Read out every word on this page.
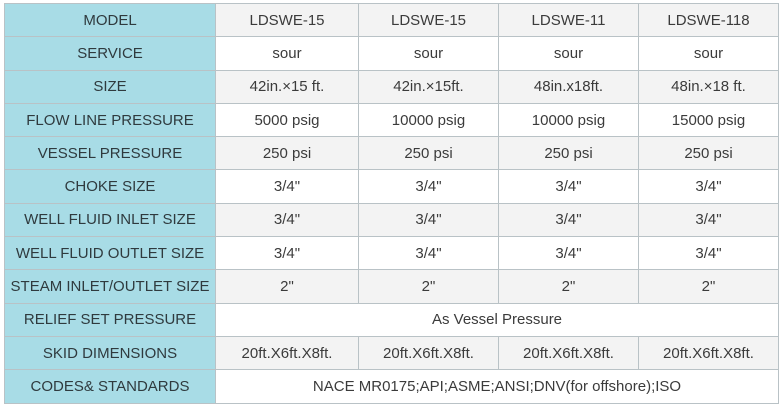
MODEL	LDSWE-15	LDSWE-15	LDSWE-11	LDSWE-118
SERVICE	sour	sour	sour	sour
SIZE	42in.×15 ft.	42in.×15ft.	48in.x18ft.	48in.×18 ft.
FLOW LINE PRESSURE	5000 psig	10000 psig	10000 psig	15000 psig
VESSEL PRESSURE	250 psi	250 psi	250 psi	250 psi
CHOKE SIZE	3/4"	3/4"	3/4"	3/4"
WELL FLUID INLET SIZE	3/4"	3/4"	3/4"	3/4"
WELL FLUID OUTLET SIZE	3/4"	3/4"	3/4"	3/4"
STEAM INLET/OUTLET SIZE	2"	2"	2"	2"
RELIEF SET PRESSURE	As Vessel Pressure			
SKID DIMENSIONS	20ft.X6ft.X8ft.	20ft.X6ft.X8ft.	20ft.X6ft.X8ft.	20ft.X6ft.X8ft.
CODES& STANDARDS	NACE MR0175;API;ASME;ANSI;DNV(for offshore);ISO			
